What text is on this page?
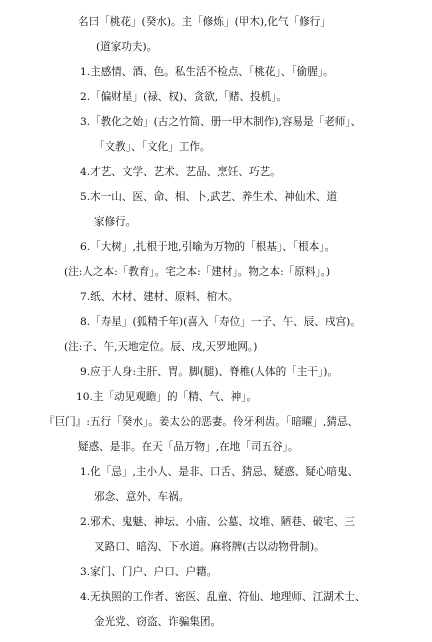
名曰「桃花」(癸水)。主「修炼」(甲木),化气「修行」
(道家功夫)。
1.主感情、酒、色。私生活不检点、「桃花」、「偷腥」。
2.「偏财星」(禄、权)、贪欲,「赌、投机」。
3.「教化之始」(古之竹简、册一甲木制作),容易是「老师」、
「文教」、「文化」工作。
4.才艺、文学、艺术、艺品、烹饪、巧艺。
5.木一山、医、命、相、卜,武艺、养生术、神仙术、道
家修行。
6.「大树」,扎根于地,引喻为万物的「根基」、「根本」。
(注:人之本:「教育」。宅之本:「建材」。物之本:「原料」。)
7.纸、木材、建材、原料、棺木。
8.「寿星」(狐精千年)(喜入「寿位」一子、午、辰、戌宫)。
(注:子、午,天地定位。辰、戌,天罗地网。)
9.应于人身:主肝、胃。脚(腿)、脊椎(人体的「主干」)。
10.主「动见观瞻」的「精、气、神」。
『巨门』:五行「癸水」。姜太公的恶妻。伶牙利齿。「暗曜」,猜忌、
疑惑、是非。在天「品万物」,在地「司五谷」。
1.化「忌」,主小人、是非、口舌、猜忌、疑惑、疑心暗鬼、
邪念、意外、车祸。
2.邪术、鬼魅、神坛、小庙、公墓、坟堆、陋巷、破宅、三
叉路口、暗沟、下水道。麻将牌(古以动物骨制)。
3.家门、门户、户口、户籍。
4.无执照的工作者、密医、乱童、符仙、地理师、江湖术士、
金光党、窃盗、诈骗集团。
